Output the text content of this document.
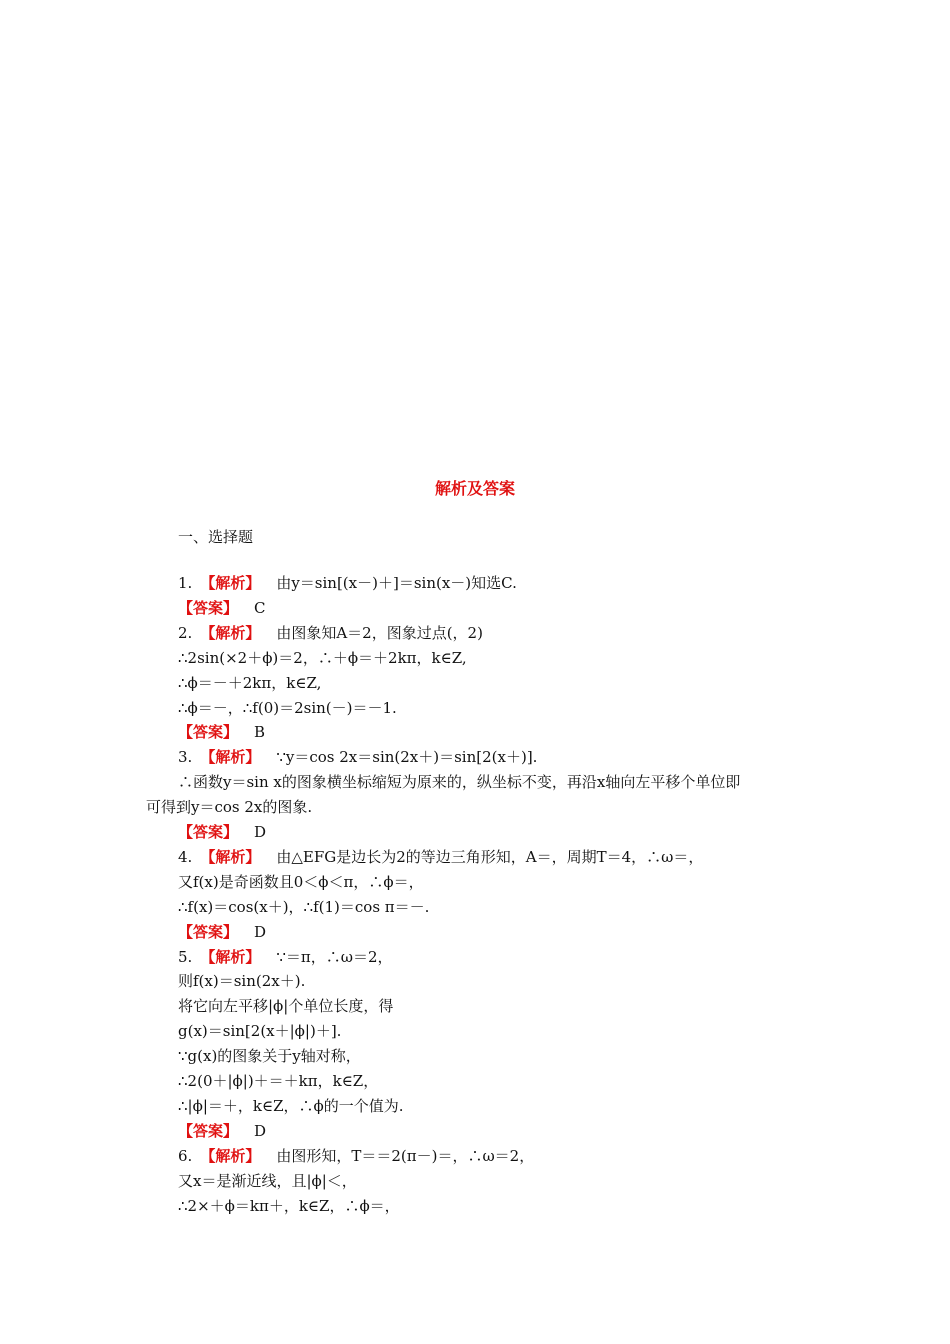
解析及答案
一、选择题
1. 【解析】 由y＝sin[(x－)＋]＝sin(x－)知选C.
【答案】 C
2. 【解析】 由图象知A＝2，图象过点(，2)
∴2sin(×2＋ϕ)＝2，∴＋ϕ＝＋2kπ，k∈Z,
∴ϕ＝－＋2kπ，k∈Z,
∴ϕ＝－，∴f(0)＝2sin(－)＝－1.
【答案】 B
3. 【解析】 ∵y＝cos 2x＝sin(2x＋)＝sin[2(x＋)].
∴函数y＝sin x的图象横坐标缩短为原来的，纵坐标不变，再沿x轴向左平移个单位即
可得到y＝cos 2x的图象.
【答案】 D
4. 【解析】 由△EFG是边长为2的等边三角形知，A＝，周期T＝4，∴ω＝，
又f(x)是奇函数且0＜ϕ＜π，∴ϕ＝，
∴f(x)＝cos(x＋)，∴f(1)＝cos π＝－.
【答案】 D
5. 【解析】 ∵＝π，∴ω＝2，
则f(x)＝sin(2x＋).
将它向左平移|ϕ|个单位长度，得
g(x)＝sin[2(x＋|ϕ|)＋].
∵g(x)的图象关于y轴对称，
∴2(0＋|ϕ|)＋＝＋kπ，k∈Z，
∴|ϕ|＝＋，k∈Z，∴ϕ的一个值为.
【答案】 D
6. 【解析】 由图形知，T＝＝2(π－)＝，∴ω＝2，
又x＝是渐近线，且|ϕ|＜，
∴2×＋ϕ＝kπ＋，k∈Z，∴ϕ＝，
